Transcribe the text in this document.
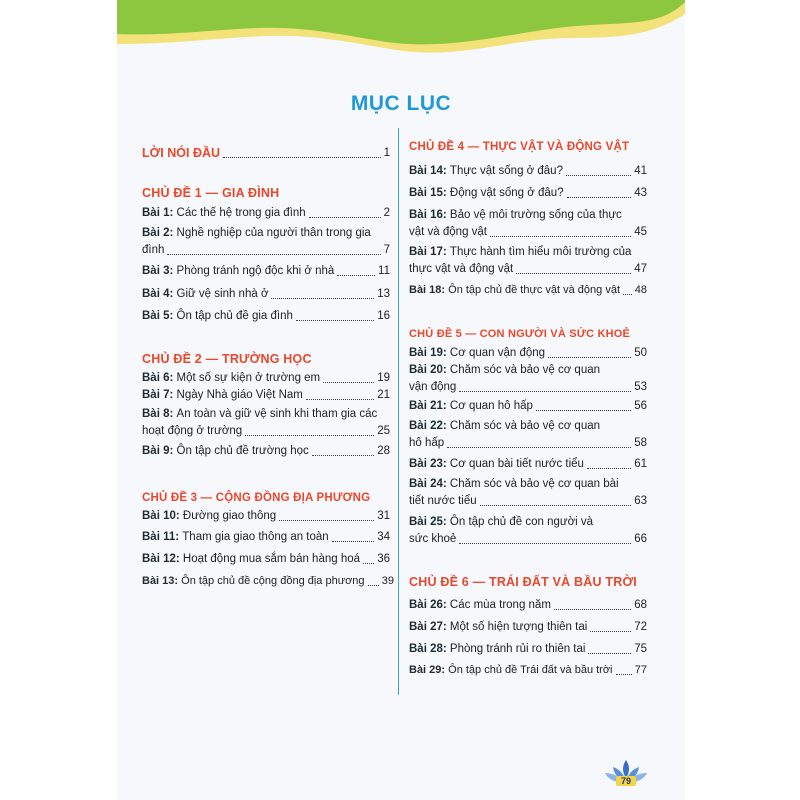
MỤC LỤC
LỜI NÓI ĐẦU	1
CHỦ ĐỀ 1 — GIA ĐÌNH
Bài 1:
Các thế hệ trong gia đình	2
Bài 2:
Nghề nghiệp của người thân trong gia
đình	7
Bài 3:
Phòng tránh ngộ độc khi ở nhà	11
Bài 4:
Giữ vệ sinh nhà ở	13
Bài 5:
Ôn tập chủ đề gia đình	16
CHỦ ĐỀ 2 — TRƯỜNG HỌC
Bài 6:
Một số sự kiện ở trường em	19
Bài 7:
Ngày Nhà giáo Việt Nam	21
Bài 8:
An toàn và giữ vệ sinh khi tham gia các
hoạt động ở trường	25
Bài 9:
Ôn tập chủ đề trường học	28
CHỦ ĐỀ 3 — CỘNG ĐỒNG ĐỊA PHƯƠNG
Bài 10:
Đường giao thông	31
Bài 11:
Tham gia giao thông an toàn	34
Bài 12:
Hoạt động mua sắm bán hàng hoá 36
Bài 13:
Ôn tập chủ đề cộng đồng địa phương 39
CHỦ ĐỀ 4 — THỰC VẬT VÀ ĐỘNG VẬT
Bài 14:
Thực vật sống ở đâu?	41
Bài 15:
Động vật sống ở đâu?	43
Bài 16:
Bảo vệ môi trường sống của thực
vật và động vật	45
Bài 17:
Thực hành tìm hiểu môi trường của
thực vật và động vật	47
Bài 18:
Ôn tập chủ đề thực vật và động vật 48
CHỦ ĐỀ 5 — CON NGƯỜI VÀ SỨC KHOẺ
Bài 19:
Cơ quan vận động	50
Bài 20:
Chăm sóc và bảo vệ cơ quan
vận động	53
Bài 21:
Cơ quan hô hấp	56
Bài 22:
Chăm sóc và bảo vệ cơ quan
hô hấp	58
Bài 23:
Cơ quan bài tiết nước tiểu	61
Bài 24:
Chăm sóc và bảo vệ cơ quan bài
tiết nước tiểu	63
Bài 25:
Ôn tập chủ đề con người và
sức khoẻ	66
CHỦ ĐỀ 6 — TRÁI ĐẤT VÀ BẦU TRỜI
Bài 26:
Các mùa trong năm	68
Bài 27:
Một số hiện tượng thiên tai	72
Bài 28:
Phòng tránh rủi ro thiên tai	75
Bài 29:
Ôn tập chủ đề Trái đất và bầu trời 77
79
